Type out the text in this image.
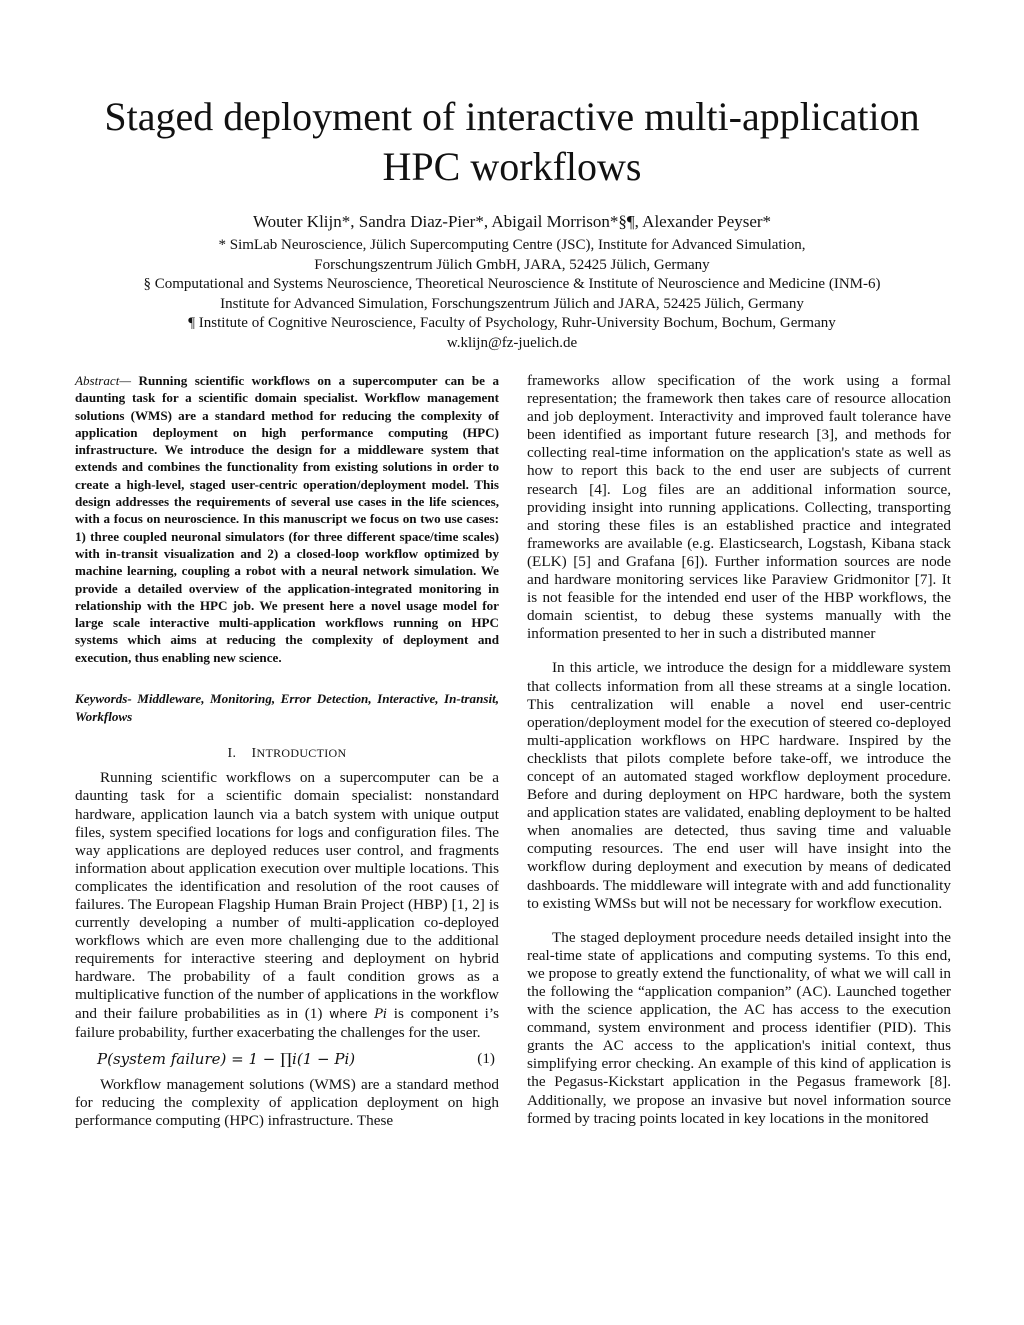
Staged deployment of interactive multi-application
HPC workflows
Wouter Klijn*, Sandra Diaz-Pier*, Abigail Morrison*§¶, Alexander Peyser*
* SimLab Neuroscience, Jülich Supercomputing Centre (JSC), Institute for Advanced Simulation,
Forschungszentrum Jülich GmbH, JARA, 52425 Jülich, Germany
§ Computational and Systems Neuroscience, Theoretical Neuroscience & Institute of Neuroscience and Medicine (INM-6)
Institute for Advanced Simulation, Forschungszentrum Jülich and JARA, 52425 Jülich, Germany
¶ Institute of Cognitive Neuroscience, Faculty of Psychology, Ruhr-University Bochum, Bochum, Germany
w.klijn@fz-juelich.de

Abstract— Running scientific workflows on a supercomputer can be a daunting task for a scientific domain specialist. Workflow management solutions (WMS) are a standard method for reducing the complexity of application deployment on high performance computing (HPC) infrastructure. We introduce the design for a middleware system that extends and combines the functionality from existing solutions in order to create a high-level, staged user-centric operation/deployment model. This design addresses the requirements of several use cases in the life sciences, with a focus on neuroscience. In this manuscript we focus on two use cases: 1) three coupled neuronal simulators (for three different space/time scales) with in-transit visualization and 2) a closed-loop workflow optimized by machine learning, coupling a robot with a neural network simulation. We provide a detailed overview of the application-integrated monitoring in relationship with the HPC job. We present here a novel usage model for large scale interactive multi-application workflows running on HPC systems which aims at reducing the complexity of deployment and execution, thus enabling new science.

Keywords- Middleware, Monitoring, Error Detection, Interactive, In-transit, Workflows

I. INTRODUCTION

Running scientific workflows on a supercomputer can be a daunting task for a scientific domain specialist: nonstandard hardware, application launch via a batch system with unique output files, system specified locations for logs and configuration files. The way applications are deployed reduces user control, and fragments information about application execution over multiple locations. This complicates the identification and resolution of the root causes of failures. The European Flagship Human Brain Project (HBP) [1, 2] is currently developing a number of multi-application co-deployed workflows which are even more challenging due to the additional requirements for interactive steering and deployment on hybrid hardware. The probability of a fault condition grows as a multiplicative function of the number of applications in the workflow and their failure probabilities as in (1) where Pi is component i’s failure probability, further exacerbating the challenges for the user.

P(system failure) = 1 − ∏i(1 − Pi)	(1)

Workflow management solutions (WMS) are a standard method for reducing the complexity of application deployment on high performance computing (HPC) infrastructure. These

frameworks allow specification of the work using a formal representation; the framework then takes care of resource allocation and job deployment. Interactivity and improved fault tolerance have been identified as important future research [3], and methods for collecting real-time information on the application's state as well as how to report this back to the end user are subjects of current research [4]. Log files are an additional information source, providing insight into running applications. Collecting, transporting and storing these files is an established practice and integrated frameworks are available (e.g. Elasticsearch, Logstash, Kibana stack (ELK) [5] and Grafana [6]). Further information sources are node and hardware monitoring services like Paraview Gridmonitor [7]. It is not feasible for the intended end user of the HBP workflows, the domain scientist, to debug these systems manually with the information presented to her in such a distributed manner

In this article, we introduce the design for a middleware system that collects information from all these streams at a single location. This centralization will enable a novel end user-centric operation/deployment model for the execution of steered co-deployed multi-application workflows on HPC hardware. Inspired by the checklists that pilots complete before take-off, we introduce the concept of an automated staged workflow deployment procedure. Before and during deployment on HPC hardware, both the system and application states are validated, enabling deployment to be halted when anomalies are detected, thus saving time and valuable computing resources. The end user will have insight into the workflow during deployment and execution by means of dedicated dashboards. The middleware will integrate with and add functionality to existing WMSs but will not be necessary for workflow execution.

The staged deployment procedure needs detailed insight into the real-time state of applications and computing systems. To this end, we propose to greatly extend the functionality, of what we will call in the following the “application companion” (AC). Launched together with the science application, the AC has access to the execution command, system environment and process identifier (PID). This grants the AC access to the application's initial context, thus simplifying error checking. An example of this kind of application is the Pegasus-Kickstart application in the Pegasus framework [8]. Additionally, we propose an invasive but novel information source formed by tracing points located in key locations in the monitored
